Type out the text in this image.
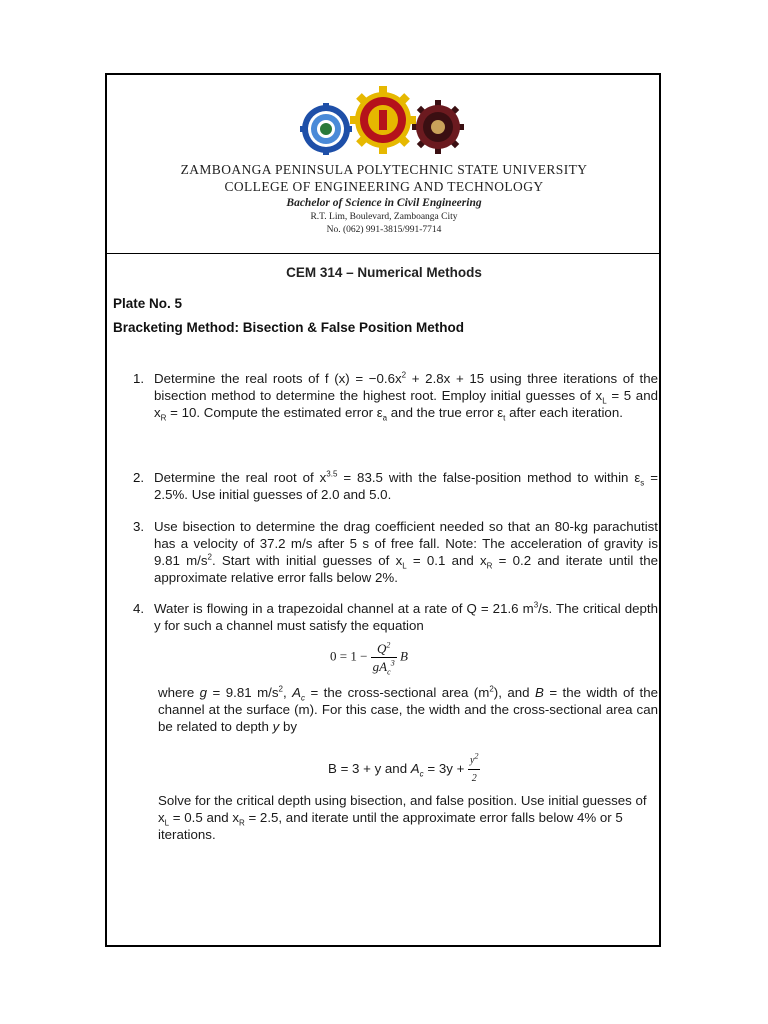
ZAMBOANGA PENINSULA POLYTECHNIC STATE UNIVERSITY
COLLEGE OF ENGINEERING AND TECHNOLOGY
Bachelor of Science in Civil Engineering
R.T. Lim, Boulevard, Zamboanga City
No. (062) 991-3815/991-7714
CEM 314 – Numerical Methods
Plate No. 5
Bracketing Method: Bisection & False Position Method
1. Determine the real roots of f $(x) = -0.6x^2 + 2.8x + 15$ using three iterations of the bisection method to determine the highest root. Employ initial guesses of $x_L = 5$ and $x_R = 10$. Compute the estimated error $\varepsilon_a$ and the true error $\varepsilon_t$ after each iteration.
2. Determine the real root of $x^{3.5} = 83.5$ with the false-position method to within $\varepsilon_s = 2.5\%$. Use initial guesses of 2.0 and 5.0.
3. Use bisection to determine the drag coefficient needed so that an 80-kg parachutist has a velocity of 37.2 m/s after 5 s of free fall. Note: The acceleration of gravity is 9.81 $m/s^2$. Start with initial guesses of $x_L = 0.1$ and $x_R = 0.2$ and iterate until the approximate relative error falls below 2%.
4. Water is flowing in a trapezoidal channel at a rate of Q = 21.6 $m^3/s$. The critical depth y for such a channel must satisfy the equation
$0 = 1 - \frac{Q^2}{gA_c^3}$ B
where g = 9.81 $m/s^2$, $A_c$ = the cross-sectional area $(m^2)$, and B = the width of the channel at the surface (m). For this case, the width and the cross-sectional area can be related to depth y by
B = 3 + y and $A_c = 3y + \frac{y^2}{2}$
Solve for the critical depth using bisection, and false position. Use initial guesses of $x_L = 0.5$ and $x_R = 2.5$, and iterate until the approximate error falls below 4% or 5 iterations.
